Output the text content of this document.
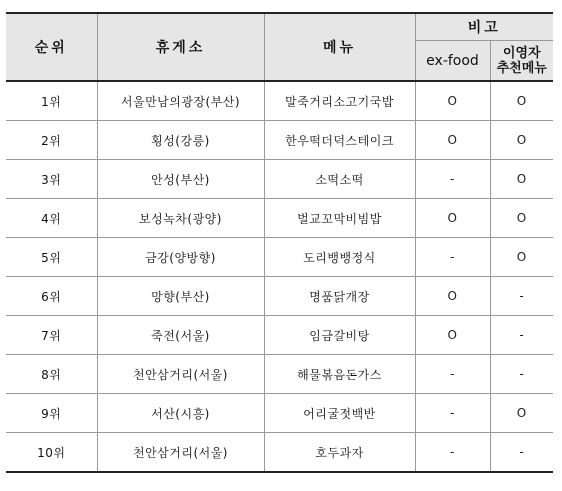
순위	휴게소	메뉴	비고	
			ex-food	이영자
추천메뉴

1위	서울만남의광장(부산)	말죽거리소고기국밥	O	O
2위	횡성(강릉)	한우떡더덕스테이크	O	O
3위	안성(부산)	소떡소떡	-	O
4위	보성녹차(광양)	벌교꼬막비빔밥	O	O
5위	금강(양방향)	도리뱅뱅정식	-	O
6위	망향(부산)	명품닭개장	O	-
7위	죽전(서울)	임금갈비탕	O	-
8위	천안삼거리(서울)	해물볶음돈가스	-	-
9위	서산(시흥)	어리굴젓백반	-	O
10위	천안삼거리(서울)	호두과자	-	-
